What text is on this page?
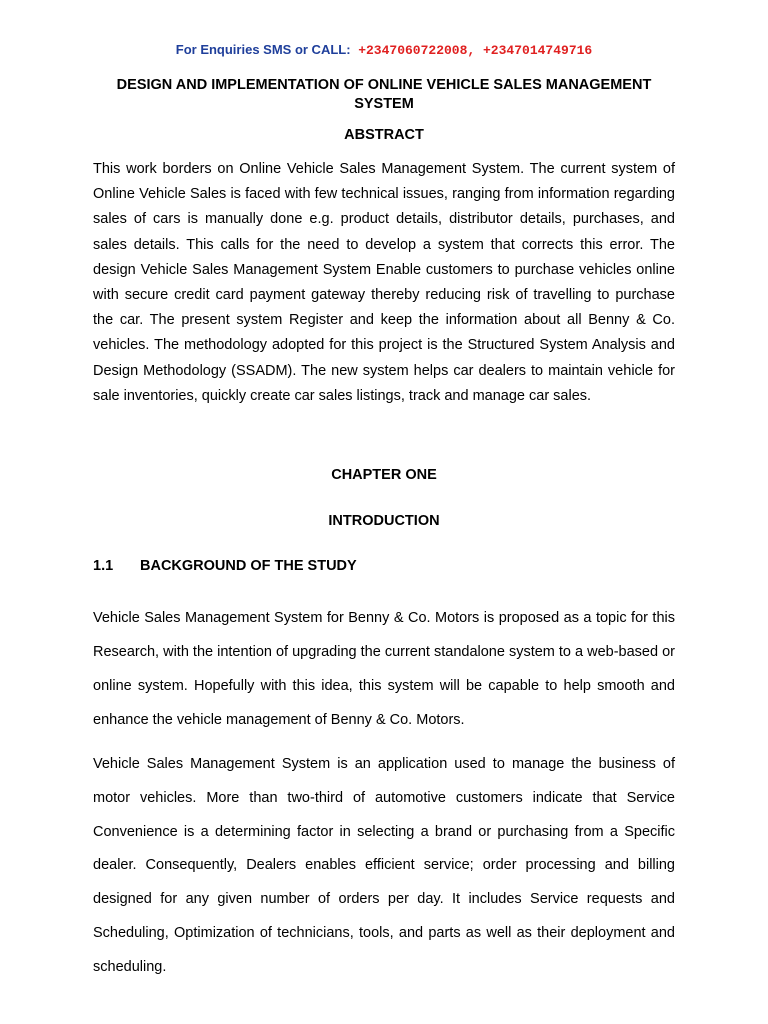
For Enquiries SMS or CALL: +2347060722008, +2347014749716
DESIGN AND IMPLEMENTATION OF ONLINE VEHICLE SALES MANAGEMENT SYSTEM
ABSTRACT

This work borders on Online Vehicle Sales Management System. The current system of Online Vehicle Sales is faced with few technical issues, ranging from information regarding sales of cars is manually done e.g. product details, distributor details, purchases, and sales details. This calls for the need to develop a system that corrects this error. The design Vehicle Sales Management System Enable customers to purchase vehicles online with secure credit card payment gateway thereby reducing risk of travelling to purchase the car. The present system Register and keep the information about all Benny & Co. vehicles. The methodology adopted for this project is the Structured System Analysis and Design Methodology (SSADM). The new system helps car dealers to maintain vehicle for sale inventories, quickly create car sales listings, track and manage car sales.

CHAPTER ONE
INTRODUCTION
1.1 BACKGROUND OF THE STUDY

Vehicle Sales Management System for Benny & Co. Motors is proposed as a topic for this Research, with the intention of upgrading the current standalone system to a web-based or online system. Hopefully with this idea, this system will be capable to help smooth and enhance the vehicle management of Benny & Co. Motors.

Vehicle Sales Management System is an application used to manage the business of motor vehicles. More than two-third of automotive customers indicate that Service Convenience is a determining factor in selecting a brand or purchasing from a Specific dealer. Consequently, Dealers enables efficient service; order processing and billing designed for any given number of orders per day. It includes Service requests and Scheduling, Optimization of technicians, tools, and parts as well as their deployment and scheduling.
